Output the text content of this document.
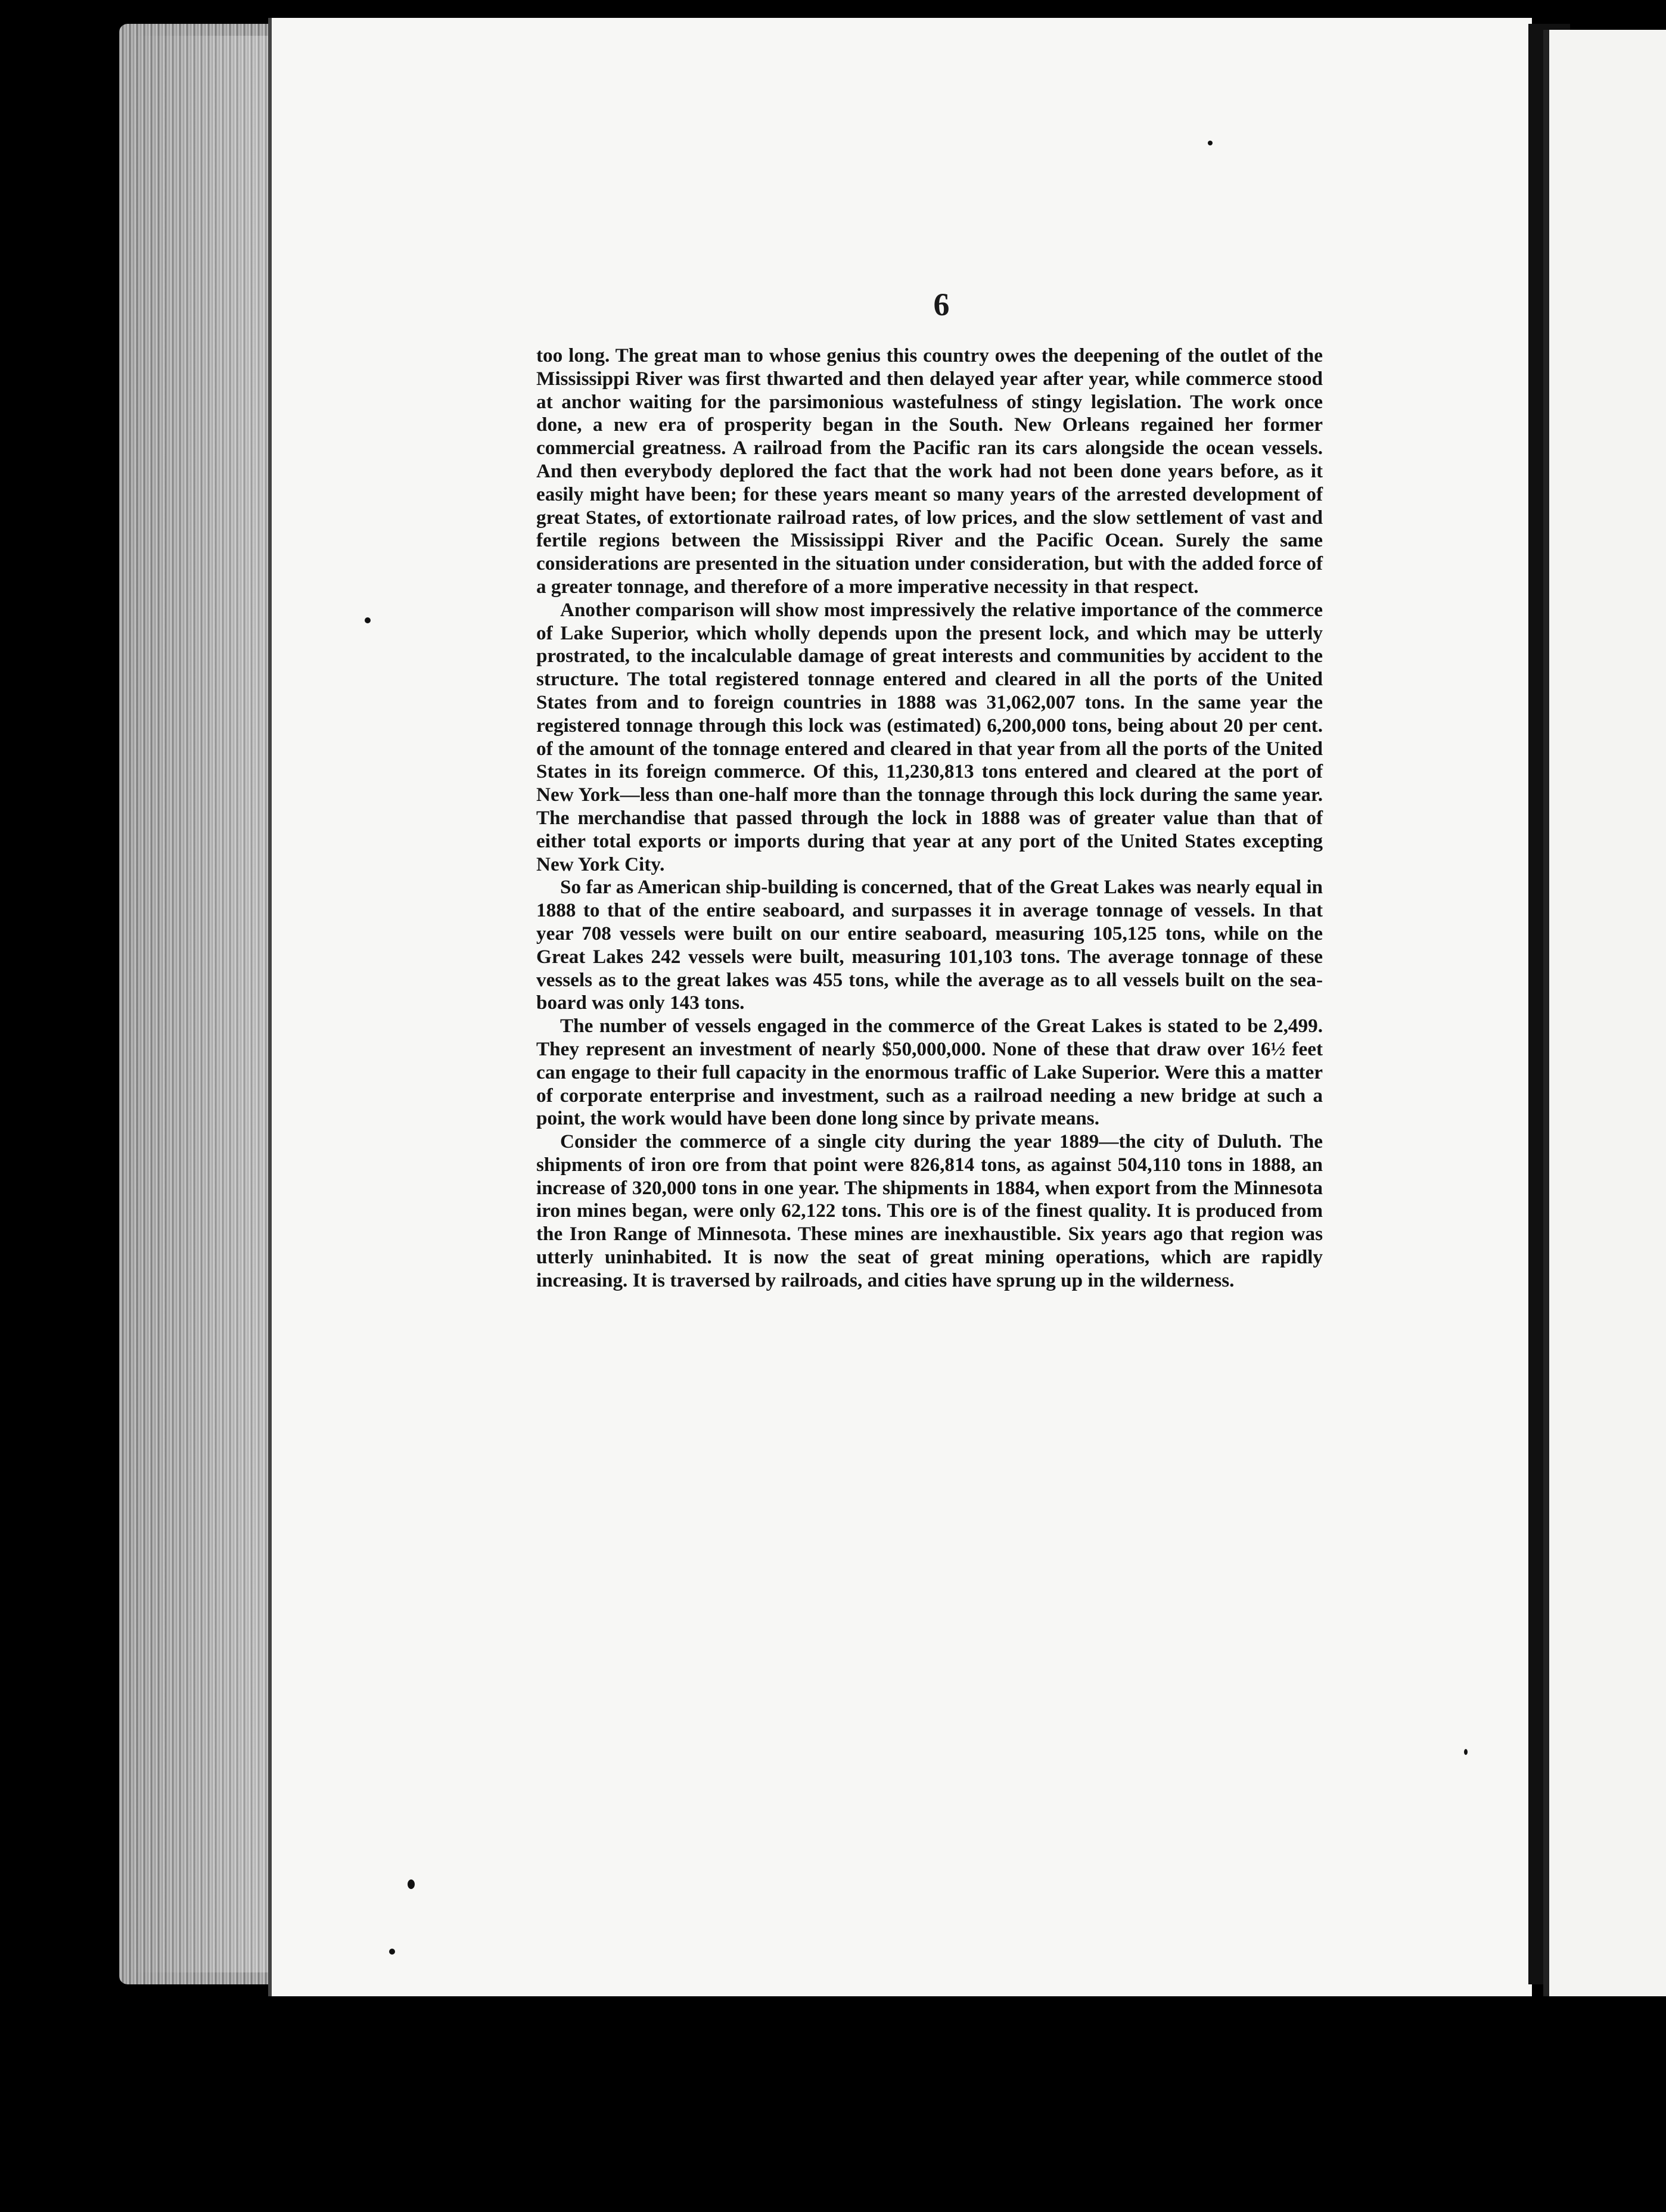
6

too long. The great man to whose genius this country owes the deepening of the outlet of the Mississippi River was first thwarted and then delayed year after year, while commerce stood at anchor waiting for the parsimonious wastefulness of stingy legislation. The work once done, a new era of prosperity began in the South. New Orleans regained her former commercial greatness. A railroad from the Pacific ran its cars alongside the ocean vessels. And then everybody deplored the fact that the work had not been done years before, as it easily might have been; for these years meant so many years of the arrested development of great States, of extortionate railroad rates, of low prices, and the slow settlement of vast and fertile regions between the Mississippi River and the Pacific Ocean. Surely the same considerations are presented in the situation under consideration, but with the added force of a greater tonnage, and therefore of a more imperative necessity in that respect.

Another comparison will show most impressively the relative importance of the commerce of Lake Superior, which wholly depends upon the present lock, and which may be utterly prostrated, to the incalculable damage of great interests and communities by accident to the structure. The total registered tonnage entered and cleared in all the ports of the United States from and to foreign countries in 1888 was 31,062,007 tons. In the same year the registered tonnage through this lock was (estimated) 6,200,000 tons, being about 20 per cent. of the amount of the tonnage entered and cleared in that year from all the ports of the United States in its foreign commerce. Of this, 11,230,813 tons entered and cleared at the port of New York—less than one-half more than the tonnage through this lock during the same year. The merchandise that passed through the lock in 1888 was of greater value than that of either total exports or imports during that year at any port of the United States excepting New York City.

So far as American ship-building is concerned, that of the Great Lakes was nearly equal in 1888 to that of the entire seaboard, and surpasses it in average tonnage of vessels. In that year 708 vessels were built on our entire seaboard, measuring 105,125 tons, while on the Great Lakes 242 vessels were built, measuring 101,103 tons. The average tonnage of these vessels as to the great lakes was 455 tons, while the average as to all vessels built on the sea-board was only 143 tons.

The number of vessels engaged in the commerce of the Great Lakes is stated to be 2,499. They represent an investment of nearly $50,000,000. None of these that draw over 16½ feet can engage to their full capacity in the enormous traffic of Lake Superior. Were this a matter of corporate enterprise and investment, such as a railroad needing a new bridge at such a point, the work would have been done long since by private means.

Consider the commerce of a single city during the year 1889—the city of Duluth. The shipments of iron ore from that point were 826,814 tons, as against 504,110 tons in 1888, an increase of 320,000 tons in one year. The shipments in 1884, when export from the Minnesota iron mines began, were only 62,122 tons. This ore is of the finest quality. It is produced from the Iron Range of Minnesota. These mines are inexhaustible. Six years ago that region was utterly uninhabited. It is now the seat of great mining operations, which are rapidly increasing. It is traversed by railroads, and cities have sprung up in the wilderness.
